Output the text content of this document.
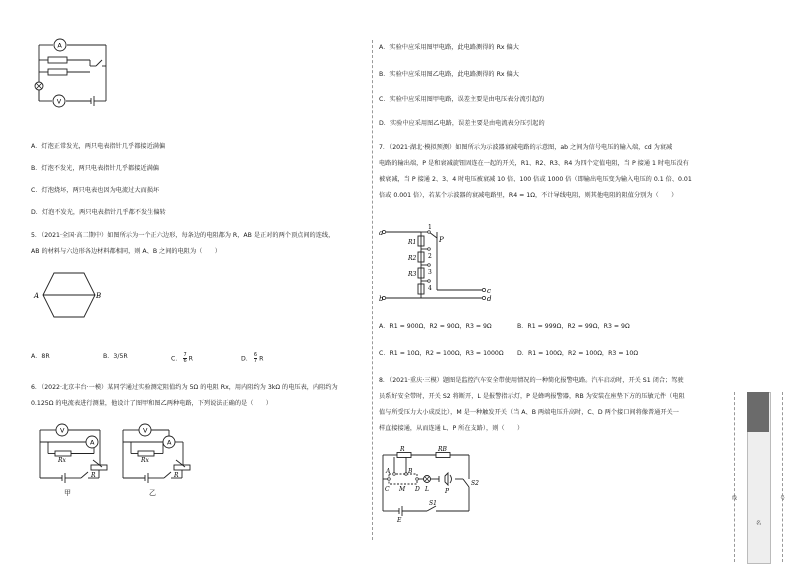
A
V
A．灯泡正常发光，两只电表指针几乎都接近满偏
B．灯泡不发光，两只电表指针几乎都接近满偏
C．灯泡烧坏，两只电表也因为电流过大而损坏
D．灯泡不发光，两只电表指针几乎都不发生偏转
5．（2021·全国·高二期中）如图所示为一个正六边形，每条边的电阻都为 R，AB 是正对的两个顶点间的连线，
AB 的材料与六边形各边材料都相同，则 A、B 之间的电阻为（　　）
A	B
A．8R	B．3/5R	C． $\frac{7}{6}$ R	D． $\frac{6}{7}$ R
6．（2022·北京丰台·一模）某同学通过实验测定阻值约为 5Ω 的电阻 Rx，用内阻约为 3kΩ 的电压表，内阻约为
0.125Ω 的电流表进行测量，他设计了图甲和图乙两种电路，下列说法正确的是（　　）
V
A
Rx
R
甲
V
A
Rx
R
乙
A．实验中应采用图甲电路，此电路测得的 Rx 偏大
B．实验中应采用图乙电路，此电路测得的 Rx 偏大
C．实验中应采用图甲电路，误差主要是由电压表分流引起的
D．实验中应采用图乙电路，误差主要是由电流表分压引起的
7．（2021·湖北·模拟预测）如图所示为示波器衰减电路的示意图，ab 之间为信号电压的输入端，cd 为衰减
电路的输出端，P 是和衰减旋钮固连在一起的开关，R1、R2、R3、R4 为四个定值电阻，当 P 接通 1 时电压没有
被衰减，当 P 接通 2、3、4 时电压被衰减 10 倍、100 倍或 1000 倍（即输出电压变为输入电压的 0.1 倍、0.01
倍或 0.001 倍），若某个示波器的衰减电路里，R4 = 1Ω，不计导线电阻，则其他电阻的阻值分别为（　　）
a
b
c
d
P
R1
R2
R3
1
2
3
4
A．R1 = 900Ω，R2 = 90Ω，R3 = 9Ω	B．R1 = 999Ω，R2 = 99Ω，R3 = 9Ω
C．R1 = 10Ω，R2 = 100Ω，R3 = 1000Ω D．R1 = 100Ω，R2 = 100Ω，R3 = 10Ω
8．（2021·重庆·三模）题图是监控汽车安全带使用情况的一种简化报警电路。汽车启动时，开关 S1 闭合；驾驶
员系好安全带时，开关 S2 将断开，L 是报警指示灯，P 是蜂鸣报警器，RB 为安装在座垫下方的压敏元件（电阻
值与所受压力大小成反比），M 是一种触发开关（当 A、B 两端电压升高时，C、D 两个接口间将像普通开关一
样直接接通，从而连通 L、P 所在支路），则（　　）
R	RB
A	B
C M D L	P
S2
S1
E
线	号
名
